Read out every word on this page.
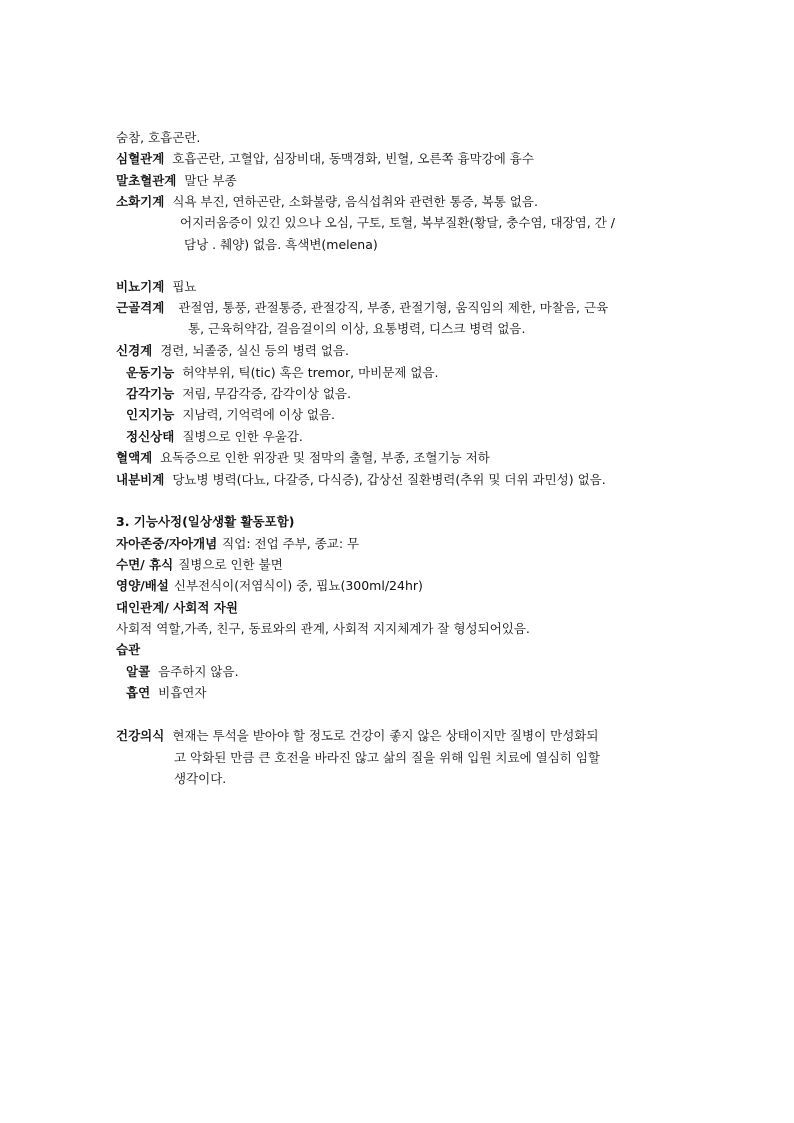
숨참, 호흡곤란.
심혈관계 호흡곤란, 고혈압, 심장비대, 동맥경화, 빈혈, 오른쪽 흉막강에 흉수
말초혈관계 말단 부종
소화기계 식욕 부진, 연하곤란, 소화불량, 음식섭취와 관련한 통증, 복통 없음.
어지러움증이 있긴 있으나 오심, 구토, 토혈, 복부질환(황달, 충수염, 대장염, 간 /
담낭 . 췌양) 없음. 흑색변(melena)
비뇨기계 핍뇨
근골격계 관절염, 통풍, 관절통증, 관절강직, 부종, 관절기형, 움직임의 제한, 마찰음, 근육
통, 근육허약감, 걸음걸이의 이상, 요통병력, 디스크 병력 없음.
신경계 경련, 뇌졸중, 실신 등의 병력 없음.
운동기능 허약부위, 틱(tic) 혹은 tremor, 마비문제 없음.
감각기능 저림, 무감각증, 감각이상 없음.
인지기능 지남력, 기억력에 이상 없음.
정신상태 질병으로 인한 우울감.
혈액계 요독증으로 인한 위장관 및 점막의 출혈, 부종, 조혈기능 저하
내분비계 당뇨병 병력(다뇨, 다갈증, 다식증), 갑상선 질환병력(추위 및 더위 과민성) 없음.
3. 기능사정(일상생활 활동포함)
자아존중/자아개념 직업: 전업 주부, 종교: 무
수면/ 휴식 질병으로 인한 불면
영양/배설 신부전식이(저염식이) 중, 핍뇨(300ml/24hr)
대인관계/ 사회적 자원
사회적 역할,가족, 친구, 동료와의 관계, 사회적 지지체계가 잘 형성되어있음.
습관
알콜 음주하지 않음.
흡연 비흡연자
건강의식 현재는 투석을 받아야 할 정도로 건강이 좋지 않은 상태이지만 질병이 만성화되
고 악화된 만큼 큰 호전을 바라진 않고 삶의 질을 위해 입원 치료에 열심히 임할
생각이다.
